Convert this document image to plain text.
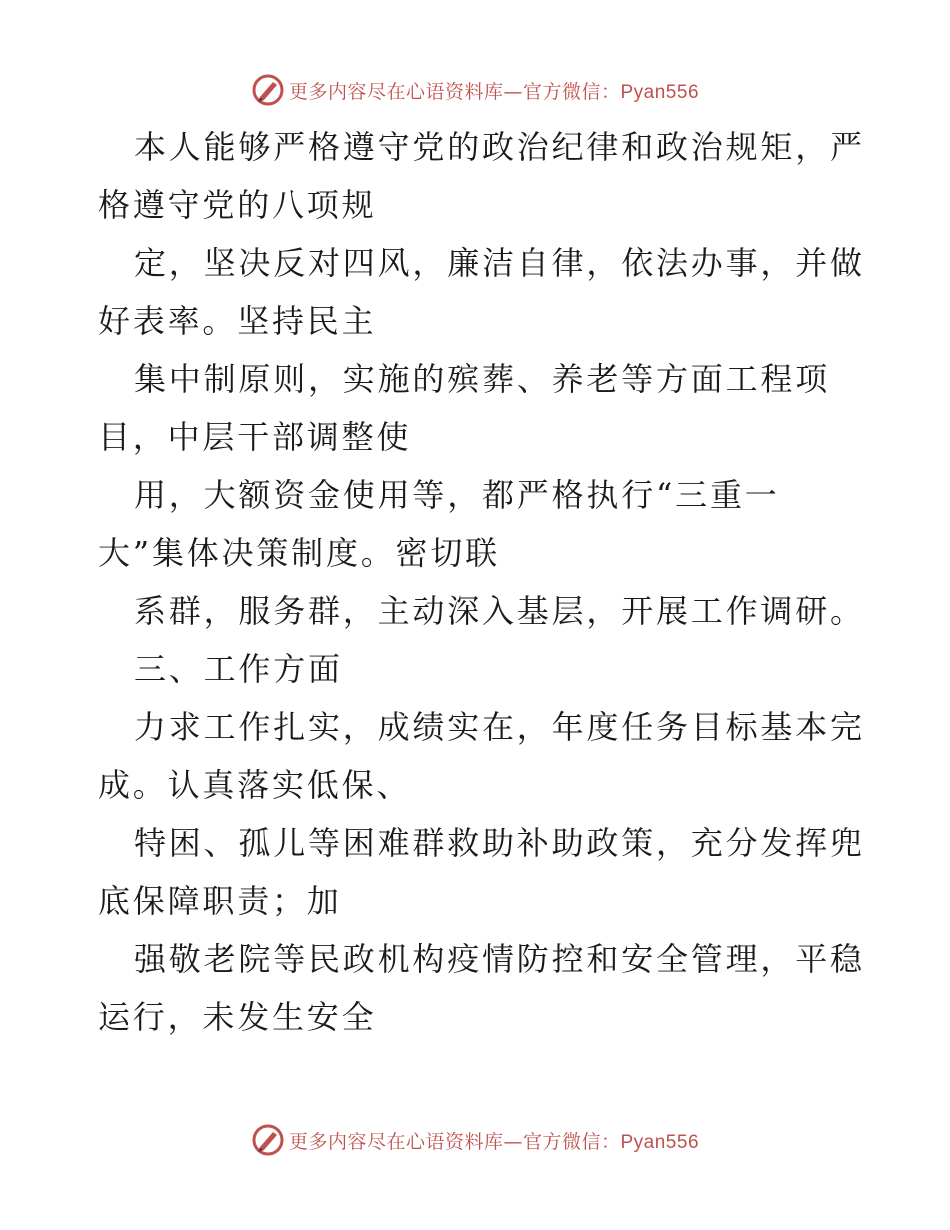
更多内容尽在心语资料库—官方微信：Pyan556
本人能够严格遵守党的政治纪律和政治规矩，严
格遵守党的八项规
定，坚决反对四风，廉洁自律，依法办事，并做
好表率。坚持民主
集中制原则，实施的殡葬、养老等方面工程项
目，中层干部调整使
用，大额资金使用等，都严格执行“三重一
大”集体决策制度。密切联
系群，服务群，主动深入基层，开展工作调研。
三、工作方面
力求工作扎实，成绩实在，年度任务目标基本完
成。认真落实低保、
特困、孤儿等困难群救助补助政策，充分发挥兜
底保障职责；加
强敬老院等民政机构疫情防控和安全管理，平稳
运行，未发生安全
更多内容尽在心语资料库—官方微信：Pyan556
